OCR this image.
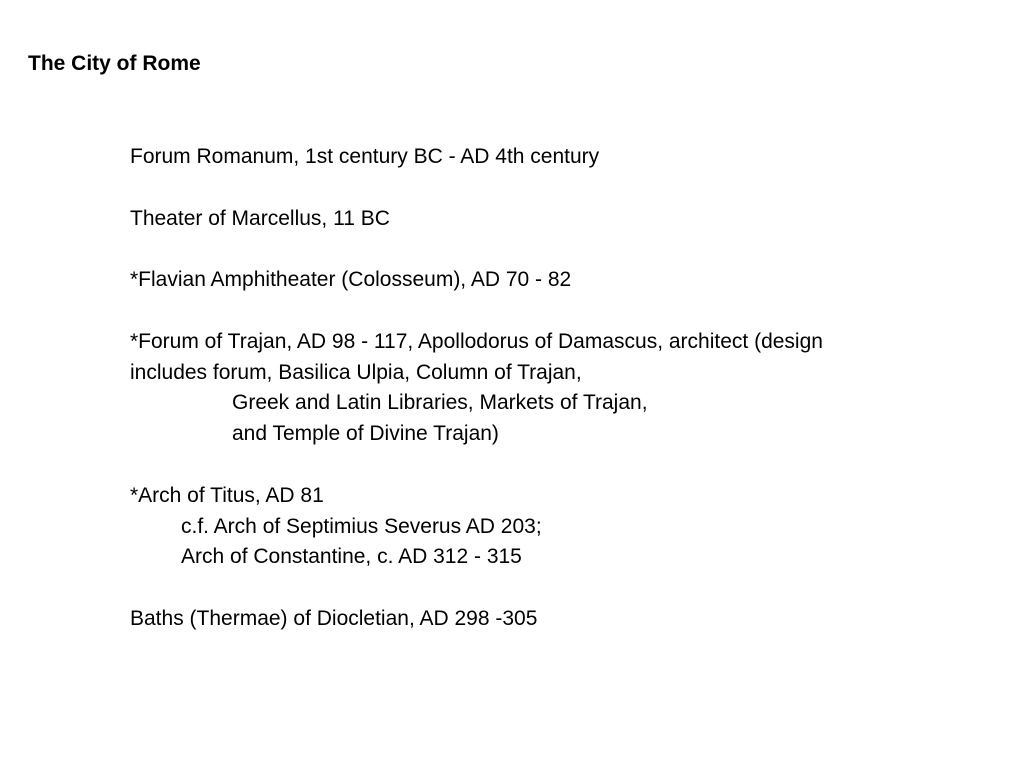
The City of Rome
Forum Romanum, 1st century BC - AD 4th century
Theater of Marcellus, 11 BC
*Flavian Amphitheater (Colosseum), AD 70 - 82
*Forum of Trajan, AD 98 - 117, Apollodorus of Damascus, architect (design
includes forum, Basilica Ulpia, Column of Trajan,
Greek and Latin Libraries, Markets of Trajan,
and Temple of Divine Trajan)
*Arch of Titus, AD 81
c.f. Arch of Septimius Severus AD 203;
Arch of Constantine, c. AD 312 - 315
Baths (Thermae) of Diocletian, AD 298 -305
